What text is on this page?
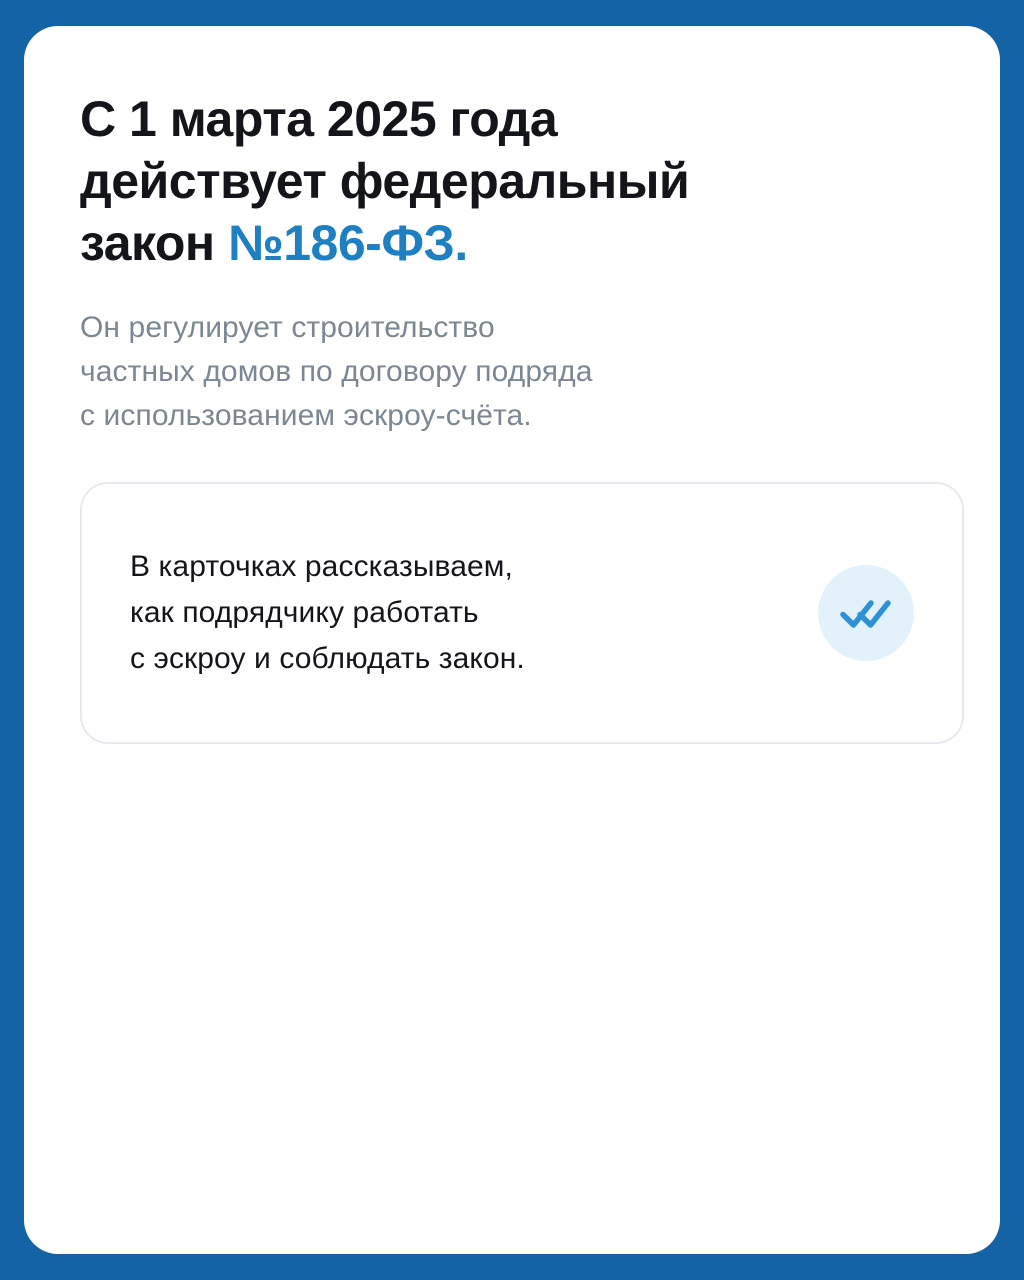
С 1 марта 2025 года
действует федеральный
закон №186-ФЗ.

Он регулирует строительство
частных домов по договору подряда
с использованием эскроу-счёта.

В карточках рассказываем,
как подрядчику работать
с эскроу и соблюдать закон.
